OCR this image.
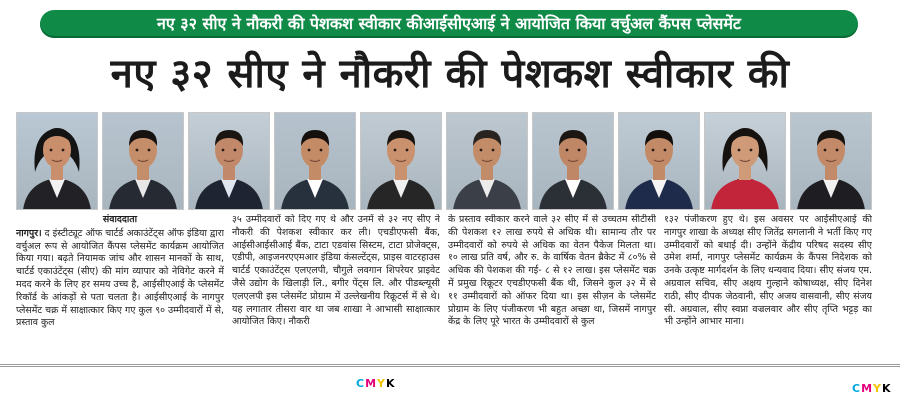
नए ३२ सीए ने नौकरी की पेशकश स्वीकार कीआईसीएआई ने आयोजित किया वर्चुअल कैंपस प्लेसमेंट
नए ३२ सीए ने नौकरी की पेशकश स्वीकार की
संवाददाता

नागपुर। द इंस्टीट्यूट ऑफ चार्टर्ड अकाउंटेंट्स ऑफ इंडिया द्वारा वर्चुअल रूप से आयोजित कैंपस प्लेसमेंट कार्यक्रम आयोजित किया गया। बढ़ते नियामक जांच और शासन मानकों के साथ, चार्टर्ड एकाउंटेंट्स (सीए) की मांग व्यापार को नेविगेट करने में मदद करने के लिए हर समय उच्च है, आईसीएआई के प्लेसमेंट रिकॉर्ड के आंकड़ों से पता चलता है। आईसीएआई के नागपुर प्लेसमेंट चक्र में साक्षात्कार किए गए कुल ९० उम्मीदवारों में से, प्रस्ताव कुल

३५ उम्मीदवारों को दिए गए थे और उनमें से ३२ नए सीए ने नौकरी की पेशकश स्वीकार कर ली। एचडीएफसी बैंक, आईसीआईसीआई बैंक, टाटा एडवांस सिस्टम, टाटा प्रोजेक्ट्स, एडीपी, आइजनरएएमआर इंडिया कंसल्टेंट्स, प्राइस वाटरहाउस चार्टर्ड एकाउंटेंट्स एलएलपी, चौगुले लवगान शिपरेयर प्राइवेट जैसे उद्योग के खिलाड़ी लि., बगीर पेंट्स लि. और पीडब्ल्यूसी एलएलपी इस प्लेसमेंट प्रोग्राम में उल्लेखनीय रिक्रूटर्स में से थे। यह लगातार तीसरा वार था जब शाखा ने आभासी साक्षात्कार आयोजित किए। नौकरी

के प्रस्ताव स्वीकार करने वाले ३२ सीए में से उच्चतम सीटीसी की पेशकश १२ लाख रुपये से अधिक थी। सामान्य तौर पर उम्मीदवारों को रुपये से अधिक का वेतन पैकेज मिलता था। १० लाख प्रति वर्ष, और रु. के वार्षिक वेतन ब्रैकेट में ८०% से अधिक की पेशकश की गई- ८ से १२ लाख। इस प्लेसमेंट चक्र में प्रमुख रिक्रूटर एचडीएफसी बैंक थी, जिसने कुल ३२ में से ११ उम्मीदवारों को ऑफर दिया था। इस सीज़न के प्लेसमेंट प्रोग्राम के लिए पंजीकरण भी बहुत अच्छा था, जिसमें नागपुर केंद्र के लिए पूरे भारत के उम्मीदवारों से कुल

१३२ पंजीकरण हुए थे। इस अवसर पर आईसीएआई की नागपुर शाखा के अध्यक्ष सीए जितेंद्र सगलानी ने भर्ती किए गए उम्मीदवारों को बधाई दी। उन्होंने केंद्रीय परिषद सदस्य सीए उमेश शर्मा, नागपुर प्लेसमेंट कार्यक्रम के कैंपस निदेशक को उनके उत्कृष्ट मार्गदर्शन के लिए धन्यवाद दिया। सीए संजय एम. अग्रवाल सचिव, सीए अक्षय गुल्हाने कोषाध्यक्ष, सीए दिनेश राठी, सीए दीपक जेठवानी, सीए अजय वासवानी, सीए संजय सी. अग्रवाल, सीए स्वप्ना वज्रलवार और सीए तृप्ति भट्टड़ का भी उन्होंने आभार माना।

CMYK	CMYK
